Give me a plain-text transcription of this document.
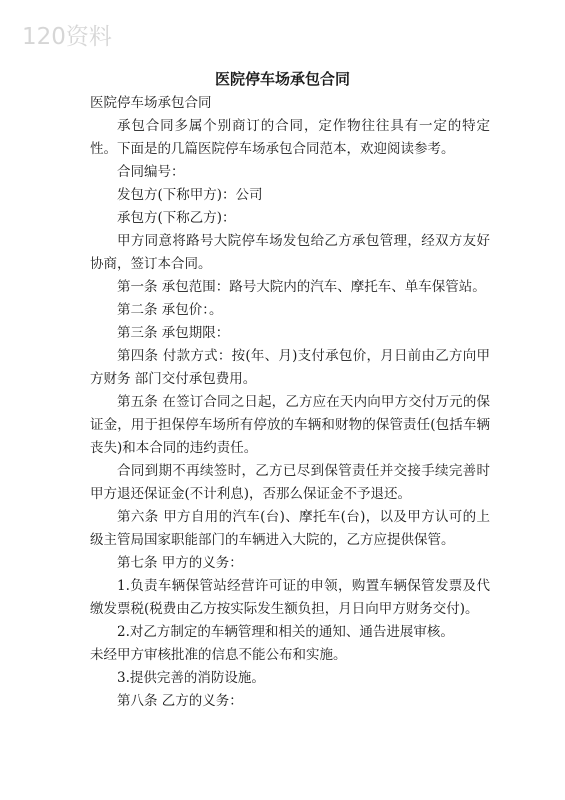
120资料
医院停车场承包合同

医院停车场承包合同

承包合同多属个别商订的合同，定作物往往具有一定的特定性。下面是的几篇医院停车场承包合同范本，欢迎阅读参考。

合同编号：

发包方(下称甲方)：公司

承包方(下称乙方)：

甲方同意将路号大院停车场发包给乙方承包管理，经双方友好协商，签订本合同。

第一条 承包范围：路号大院内的汽车、摩托车、单车保管站。

第二条 承包价：。

第三条 承包期限：

第四条 付款方式：按(年、月)支付承包价，月日前由乙方向甲方财务 部门交付承包费用。

第五条 在签订合同之日起，乙方应在天内向甲方交付万元的保证金，用于担保停车场所有停放的车辆和财物的保管责任(包括车辆丧失)和本合同的违约责任。

合同到期不再续签时，乙方已尽到保管责任并交接手续完善时甲方退还保证金(不计利息)，否那么保证金不予退还。

第六条 甲方自用的汽车(台)、摩托车(台)，以及甲方认可的上级主管局国家职能部门的车辆进入大院的，乙方应提供保管。

第七条 甲方的义务：

1.负责车辆保管站经营许可证的申领，购置车辆保管发票及代缴发票税(税费由乙方按实际发生额负担，月日向甲方财务交付)。

2.对乙方制定的车辆管理和相关的通知、通告进展审核。

未经甲方审核批准的信息不能公布和实施。

3.提供完善的消防设施。

第八条 乙方的义务：
